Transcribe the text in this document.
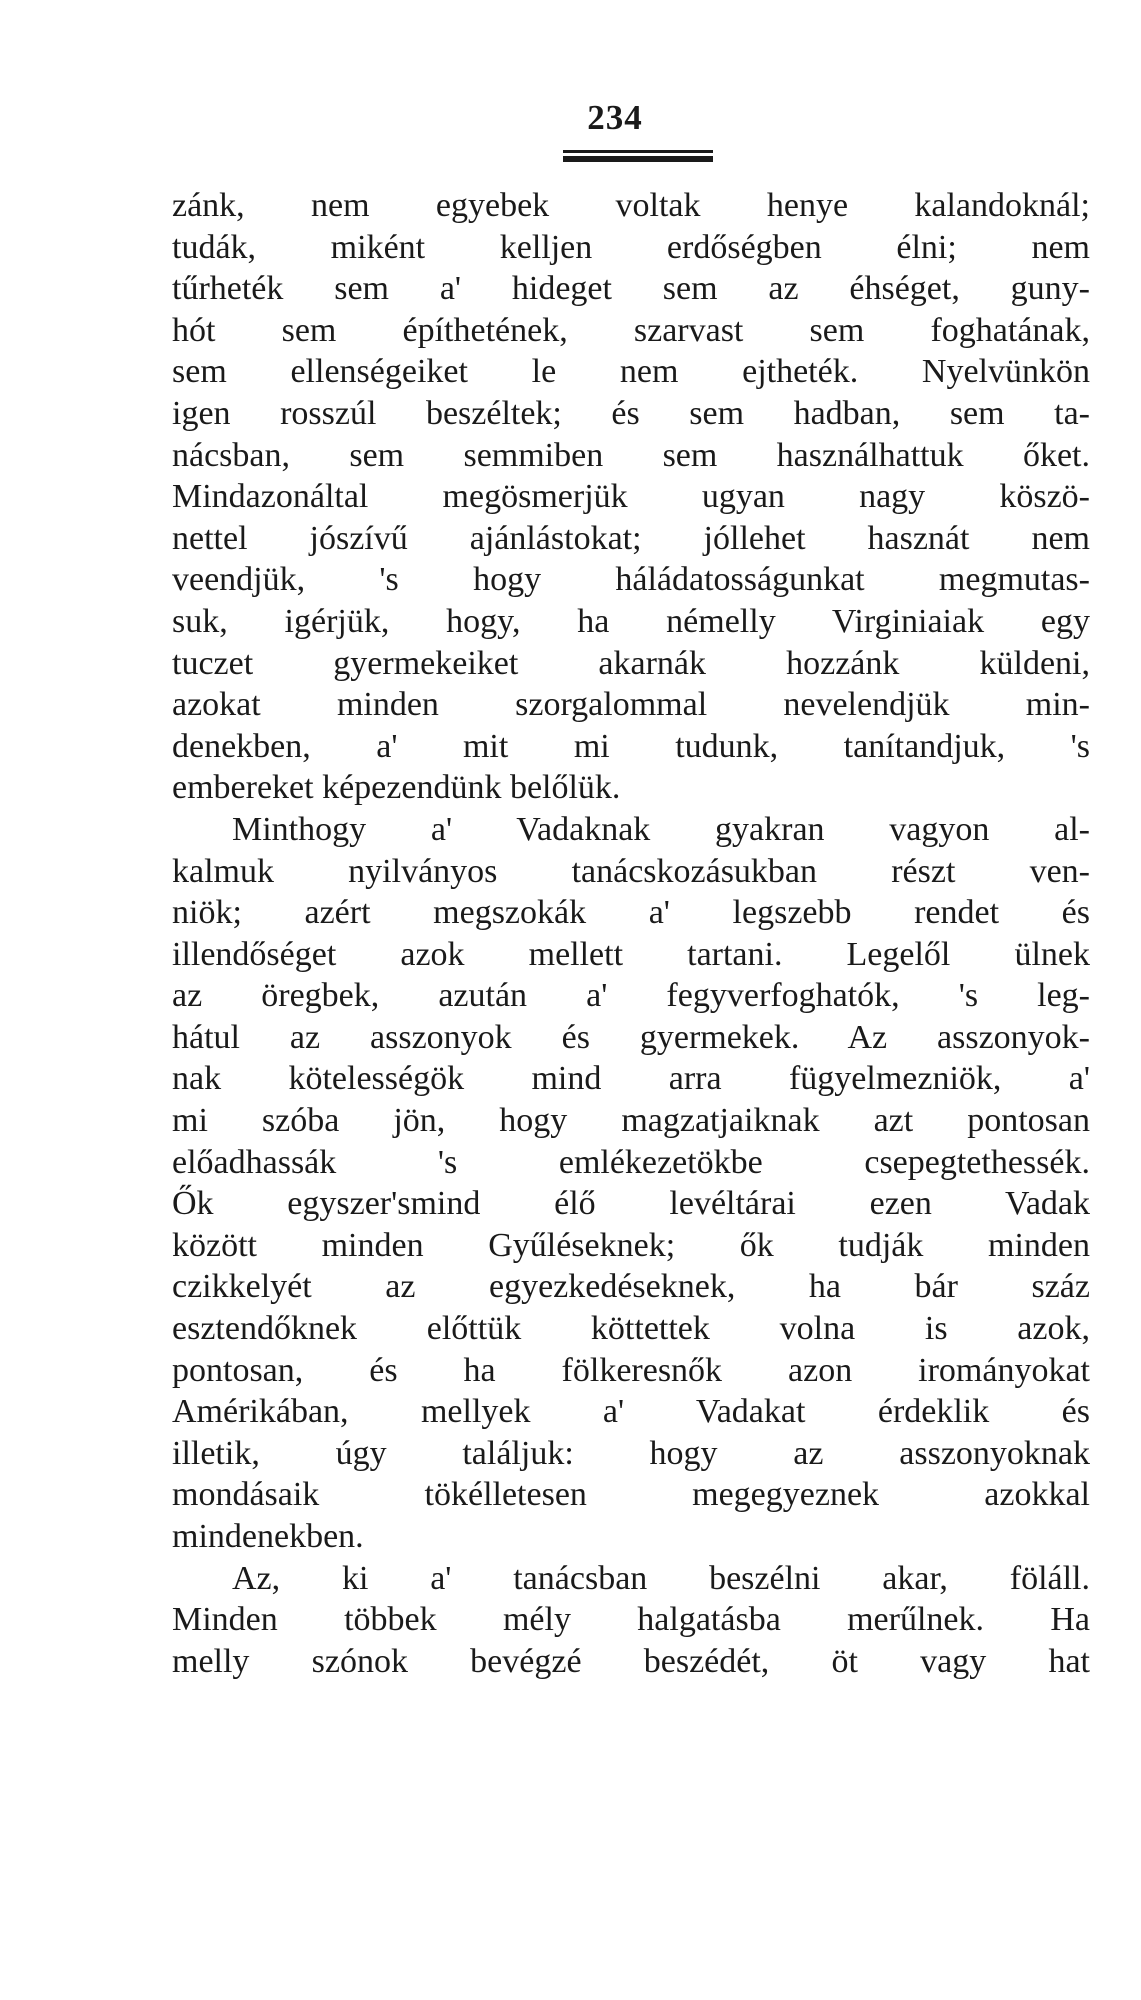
234
zánk, nem egyebek voltak henye kalandoknál;
tudák, miként kelljen erdőségben élni; nem
tűrheték sem a' hideget sem az éhséget, guny-
hót sem építhetének, szarvast sem foghatának,
sem ellenségeiket le nem ejtheték. Nyelvünkön
igen rosszúl beszéltek; és sem hadban, sem ta-
nácsban, sem semmiben sem használhattuk őket.
Mindazonáltal megösmerjük ugyan nagy köszö-
nettel jószívű ajánlástokat; jóllehet hasznát nem
veendjük, 's hogy háládatosságunkat megmutas-
suk, igérjük, hogy, ha némelly Virginiaiak egy
tuczet gyermekeiket akarnák hozzánk küldeni,
azokat minden szorgalommal nevelendjük min-
denekben, a' mit mi tudunk, tanítandjuk, 's
embereket képezendünk belőlük.
Minthogy a' Vadaknak gyakran vagyon al-
kalmuk nyilványos tanácskozásukban részt ven-
niök; azért megszokák a' legszebb rendet és
illendőséget azok mellett tartani. Legelől ülnek
az öregbek, azután a' fegyverfoghatók, 's leg-
hátul az asszonyok és gyermekek. Az asszonyok-
nak kötelességök mind arra fügyelmezniök, a'
mi szóba jön, hogy magzatjaiknak azt pontosan
előadhassák 's emlékezetökbe csepegtethessék.
Ők egyszer'smind élő levéltárai ezen Vadak
között minden Gyűléseknek; ők tudják minden
czikkelyét az egyezkedéseknek, ha bár száz
esztendőknek előttük köttettek volna is azok,
pontosan, és ha fölkeresnők azon irományokat
Amérikában, mellyek a' Vadakat érdeklik és
illetik, úgy találjuk: hogy az asszonyoknak
mondásaik tökélletesen megegyeznek azokkal
mindenekben.
Az, ki a' tanácsban beszélni akar, föláll.
Minden többek mély halgatásba merűlnek. Ha
melly szónok bevégzé beszédét, öt vagy hat
